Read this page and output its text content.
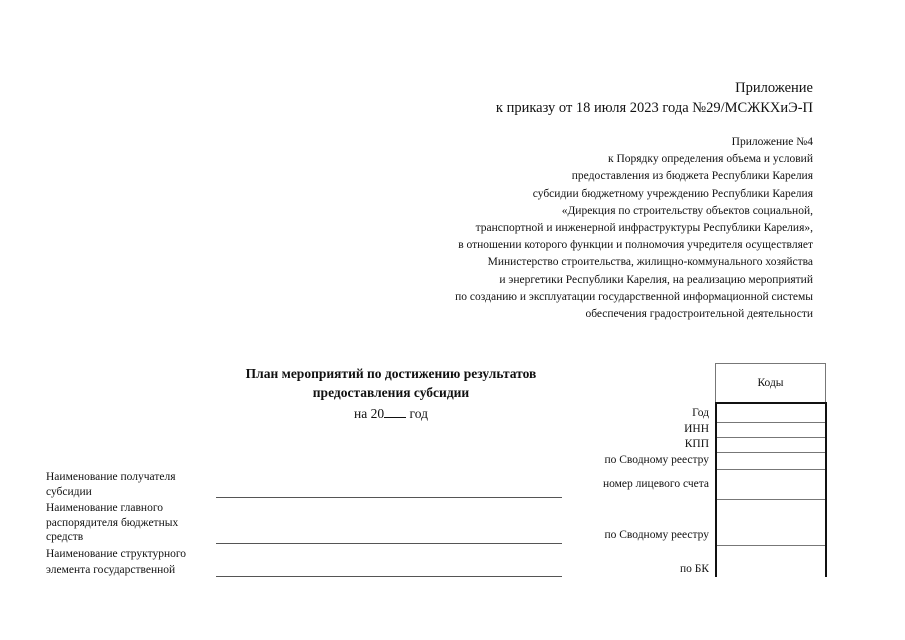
Приложение
к приказу от 18 июля 2023 года №29/МСЖКХиЭ-П
Приложение №4
к Порядку определения объема и условий
предоставления из бюджета Республики Карелия
субсидии бюджетному учреждению Республики Карелия
«Дирекция по строительству объектов социальной,
транспортной и инженерной инфраструктуры Республики Карелия»,
в отношении которого функции и полномочия учредителя осуществляет
Министерство строительства, жилищно-коммунального хозяйства
и энергетики Республики Карелия, на реализацию мероприятий
по созданию и эксплуатации государственной информационной системы
обеспечения градостроительной деятельности
План мероприятий по достижению результатов
предоставления субсидии
на 20 год
Наименование получателя субсидии
Наименование главного распорядителя бюджетных средств
Наименование структурного элемента государственной
Год
ИНН
КПП
по Сводному реестру
номер лицевого счета
по Сводному реестру
по БК
Коды
